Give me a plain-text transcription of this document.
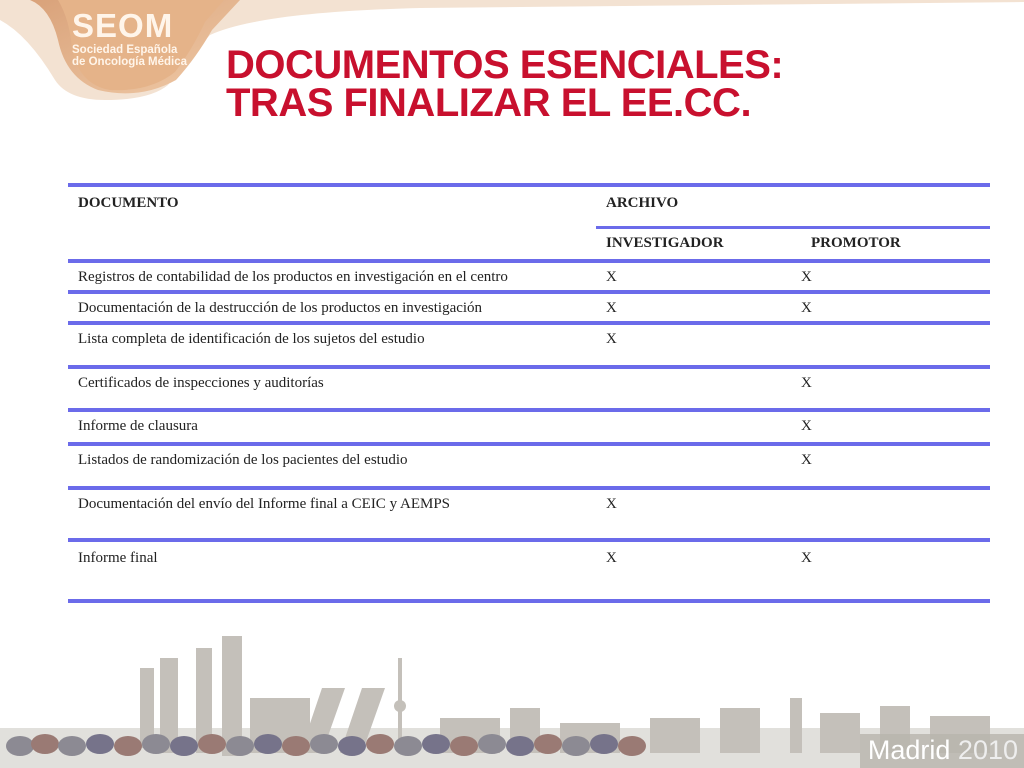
SEOM
Sociedad Española
de Oncología Médica DOCUMENTOS ESENCIALES:
TRAS FINALIZAR EL EE.CC.

DOCUMENTO	ARCHIVO	

	INVESTIGADOR PROMOTOR	

Registros de contabilidad de los productos en investigación en el centro	X	X

Documentación de la destrucción de los productos en investigación	X	X

Lista completa de identificación de los sujetos del estudio	X	

Certificados de inspecciones y auditorías		X

Informe de clausura		X

Listados de randomización de los pacientes del estudio		X

Documentación del envío del Informe final a CEIC y AEMPS	X	

Informe final	X	X

Madrid 2010
